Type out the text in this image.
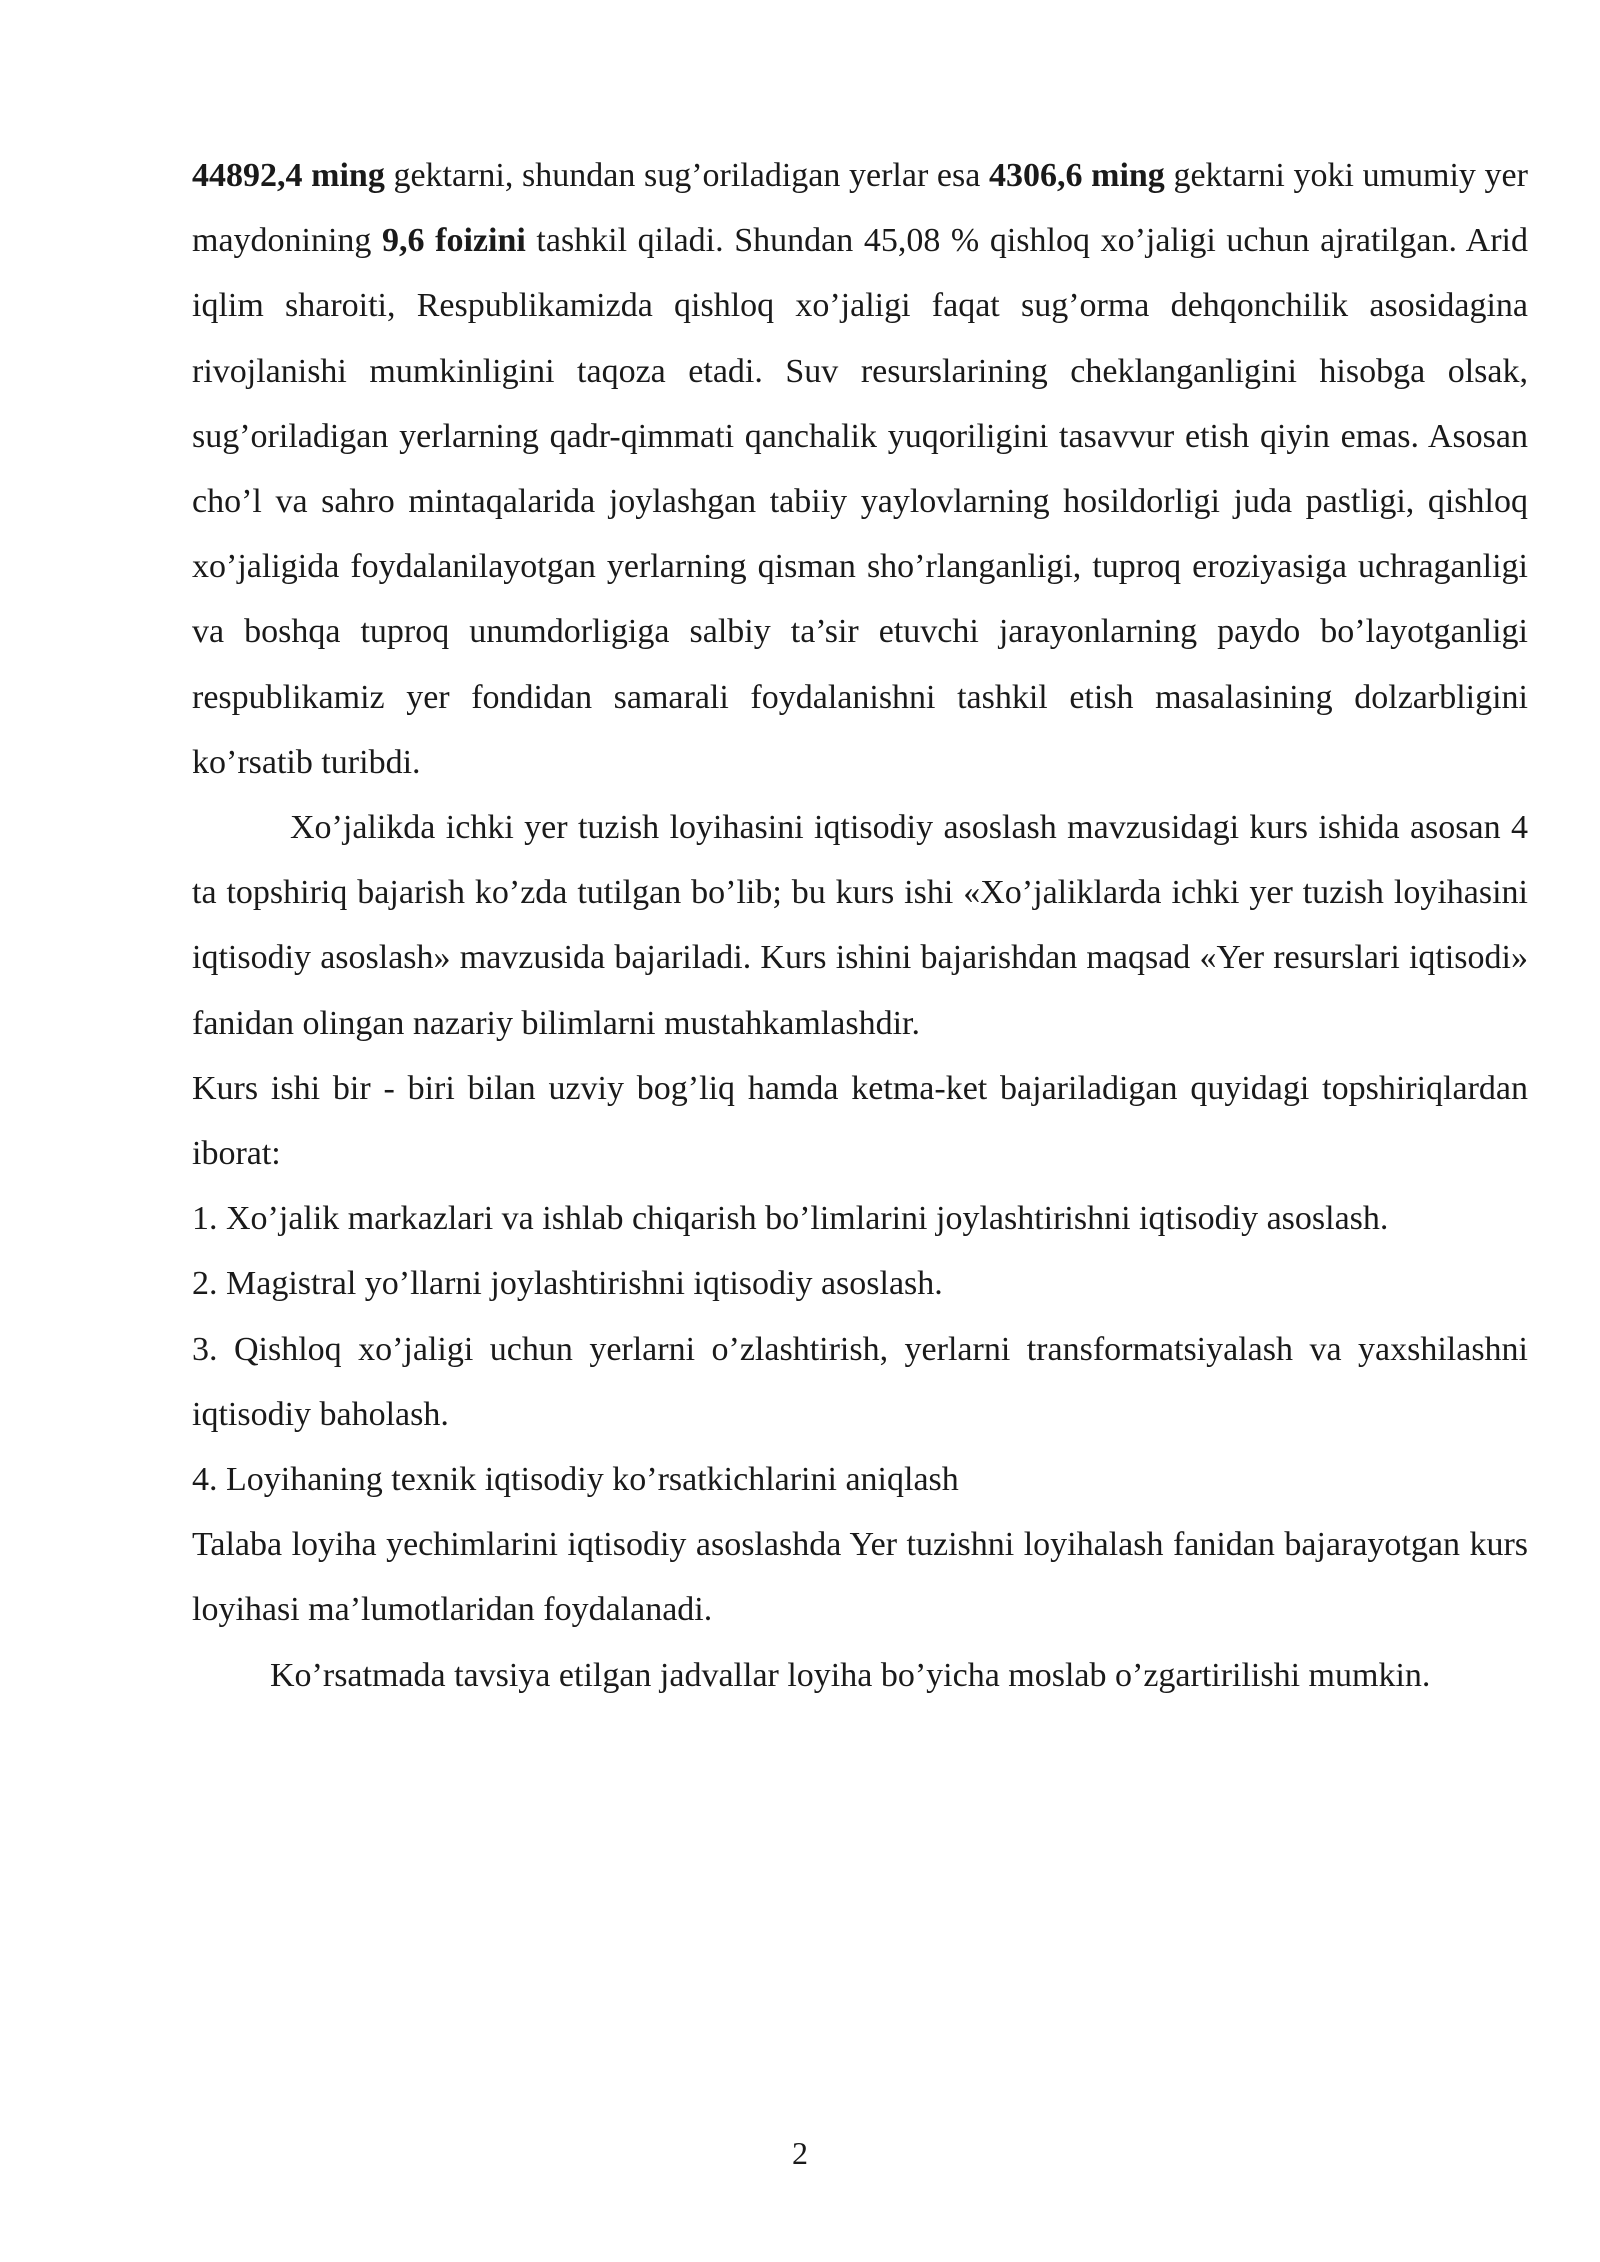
44892,4 ming gektarni, shundan sug’oriladigan yerlar esa 4306,6 ming gektarni yoki umumiy yer maydonining 9,6 foizini tashkil qiladi. Shundan 45,08 % qishloq xo’jaligi uchun ajratilgan. Arid iqlim sharoiti, Respublikamizda qishloq xo’jaligi faqat sug’orma dehqonchilik asosidagina rivojlanishi mumkinligini taqoza etadi. Suv resurslarining cheklanganligini hisobga olsak, sug’oriladigan yerlarning qadr-qimmati qanchalik yuqoriligini tasavvur etish qiyin emas. Asosan cho’l va sahro mintaqalarida joylashgan tabiiy yaylovlarning hosildorligi juda pastligi, qishloq xo’jaligida foydalanilayotgan yerlarning qisman sho’rlanganligi, tuproq eroziyasiga uchraganligi va boshqa tuproq unumdorligiga salbiy ta’sir etuvchi jarayonlarning paydo bo’layotganligi respublikamiz yer fondidan samarali foydalanishni tashkil etish masalasining dolzarbligini ko’rsatib turibdi.

Xo’jalikda ichki yer tuzish loyihasini iqtisodiy asoslash mavzusidagi kurs ishida asosan 4 ta topshiriq bajarish ko’zda tutilgan bo’lib; bu kurs ishi «Xo’jaliklarda ichki yer tuzish loyihasini iqtisodiy asoslash» mavzusida bajariladi. Kurs ishini bajarishdan maqsad «Yer resurslari iqtisodi» fanidan olingan nazariy bilimlarni mustahkamlashdir.

Kurs ishi bir - biri bilan uzviy bog’liq hamda ketma-ket bajariladigan quyidagi topshiriqlardan iborat:

1. Xo’jalik markazlari va ishlab chiqarish bo’limlarini joylashtirishni iqtisodiy asoslash.

2. Magistral yo’llarni joylashtirishni iqtisodiy asoslash.

3. Qishloq xo’jaligi uchun yerlarni o’zlashtirish, yerlarni transformatsiyalash va yaxshilashni iqtisodiy baholash.

4. Loyihaning texnik iqtisodiy ko’rsatkichlarini aniqlash

Talaba loyiha yechimlarini iqtisodiy asoslashda Yer tuzishni loyihalash fanidan bajarayotgan kurs loyihasi ma’lumotlaridan foydalanadi.

Ko’rsatmada tavsiya etilgan jadvallar loyiha bo’yicha moslab o’zgartirilishi mumkin.

2
